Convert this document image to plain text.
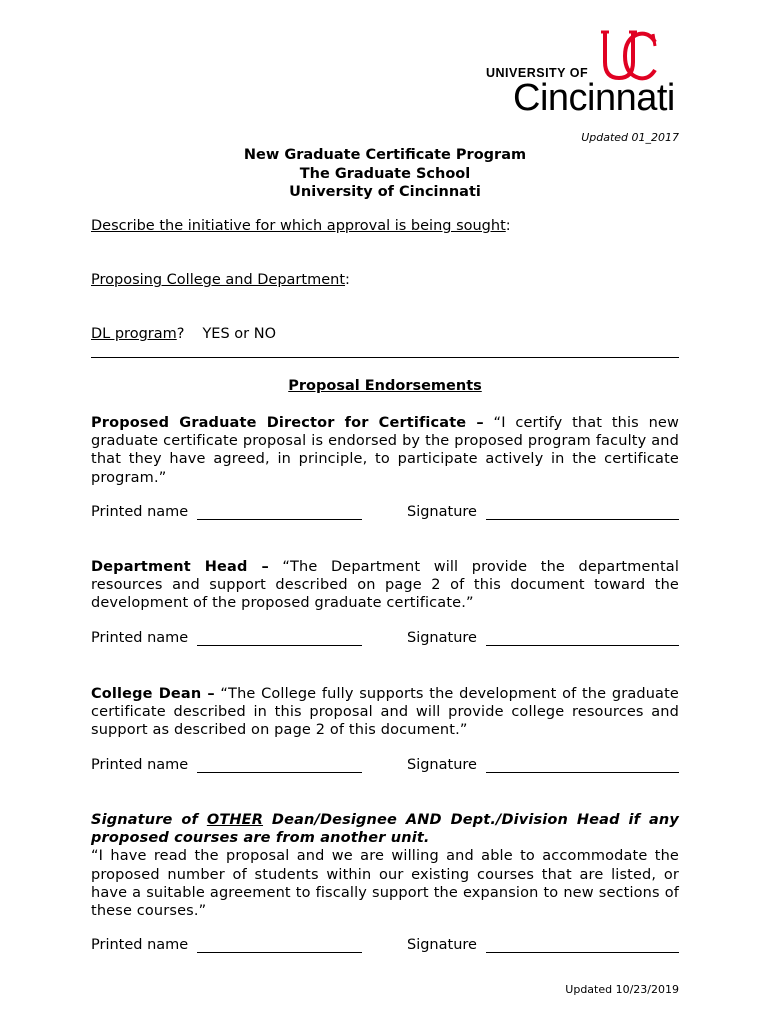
UNIVERSITY OF
Cincinnati
Updated 01_2017
New Graduate Certificate Program
The Graduate School
University of Cincinnati
Describe the initiative for which approval is being sought:
Proposing College and Department:
DL program? YES or NO
Proposal Endorsements
Proposed Graduate Director for Certificate – “I certify that this new graduate certificate proposal is endorsed by the proposed program faculty and that they have agreed, in principle, to participate actively in the certificate program.”
Printed name	Signature
Department Head – “The Department will provide the departmental resources and support described on page 2 of this document toward the development of the proposed graduate certificate.”
Printed name	Signature
College Dean – “The College fully supports the development of the graduate certificate described in this proposal and will provide college resources and support as described on page 2 of this document.”
Printed name	Signature
Signature of OTHER Dean/Designee AND Dept./Division Head if any proposed courses are from another unit.
“I have read the proposal and we are willing and able to accommodate the proposed number of students within our existing courses that are listed, or have a suitable agreement to fiscally support the expansion to new sections of these courses.”
Printed name	Signature
Updated 10/23/2019
